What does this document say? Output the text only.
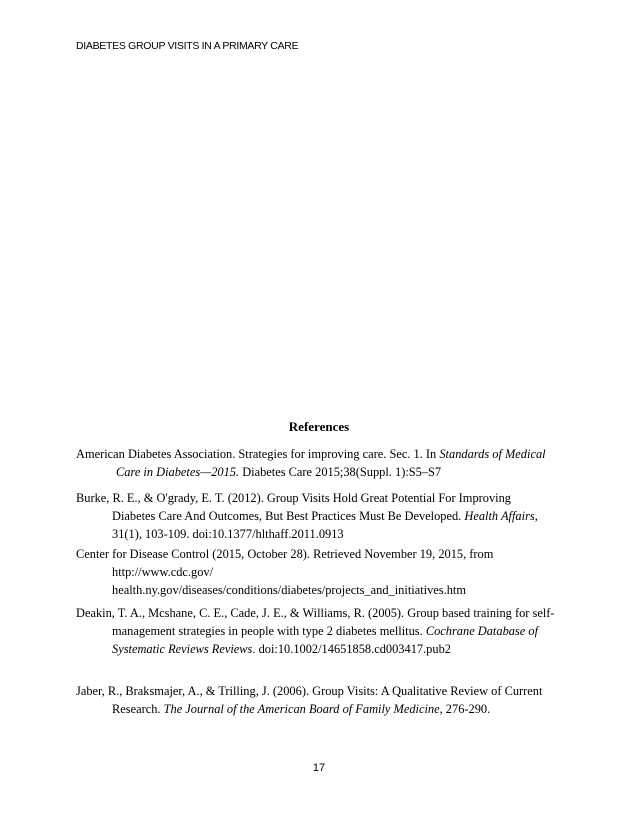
DIABETES GROUP VISITS IN A PRIMARY CARE
References
American Diabetes Association. Strategies for improving care. Sec. 1. In Standards of Medical
Care in Diabetes—2015. Diabetes Care 2015;38(Suppl. 1):S5–S7
Burke, R. E., & O'grady, E. T. (2012). Group Visits Hold Great Potential For Improving
Diabetes Care And Outcomes, But Best Practices Must Be Developed. Health Affairs,
31(1), 103-109. doi:10.1377/hlthaff.2011.0913
Center for Disease Control (2015, October 28). Retrieved November 19, 2015, from
http://www.cdc.gov/
health.ny.gov/diseases/conditions/diabetes/projects_and_initiatives.htm
Deakin, T. A., Mcshane, C. E., Cade, J. E., & Williams, R. (2005). Group based training for self-
management strategies in people with type 2 diabetes mellitus. Cochrane Database of
Systematic Reviews Reviews. doi:10.1002/14651858.cd003417.pub2
Jaber, R., Braksmajer, A., & Trilling, J. (2006). Group Visits: A Qualitative Review of Current
Research. The Journal of the American Board of Family Medicine, 276-290.
17
